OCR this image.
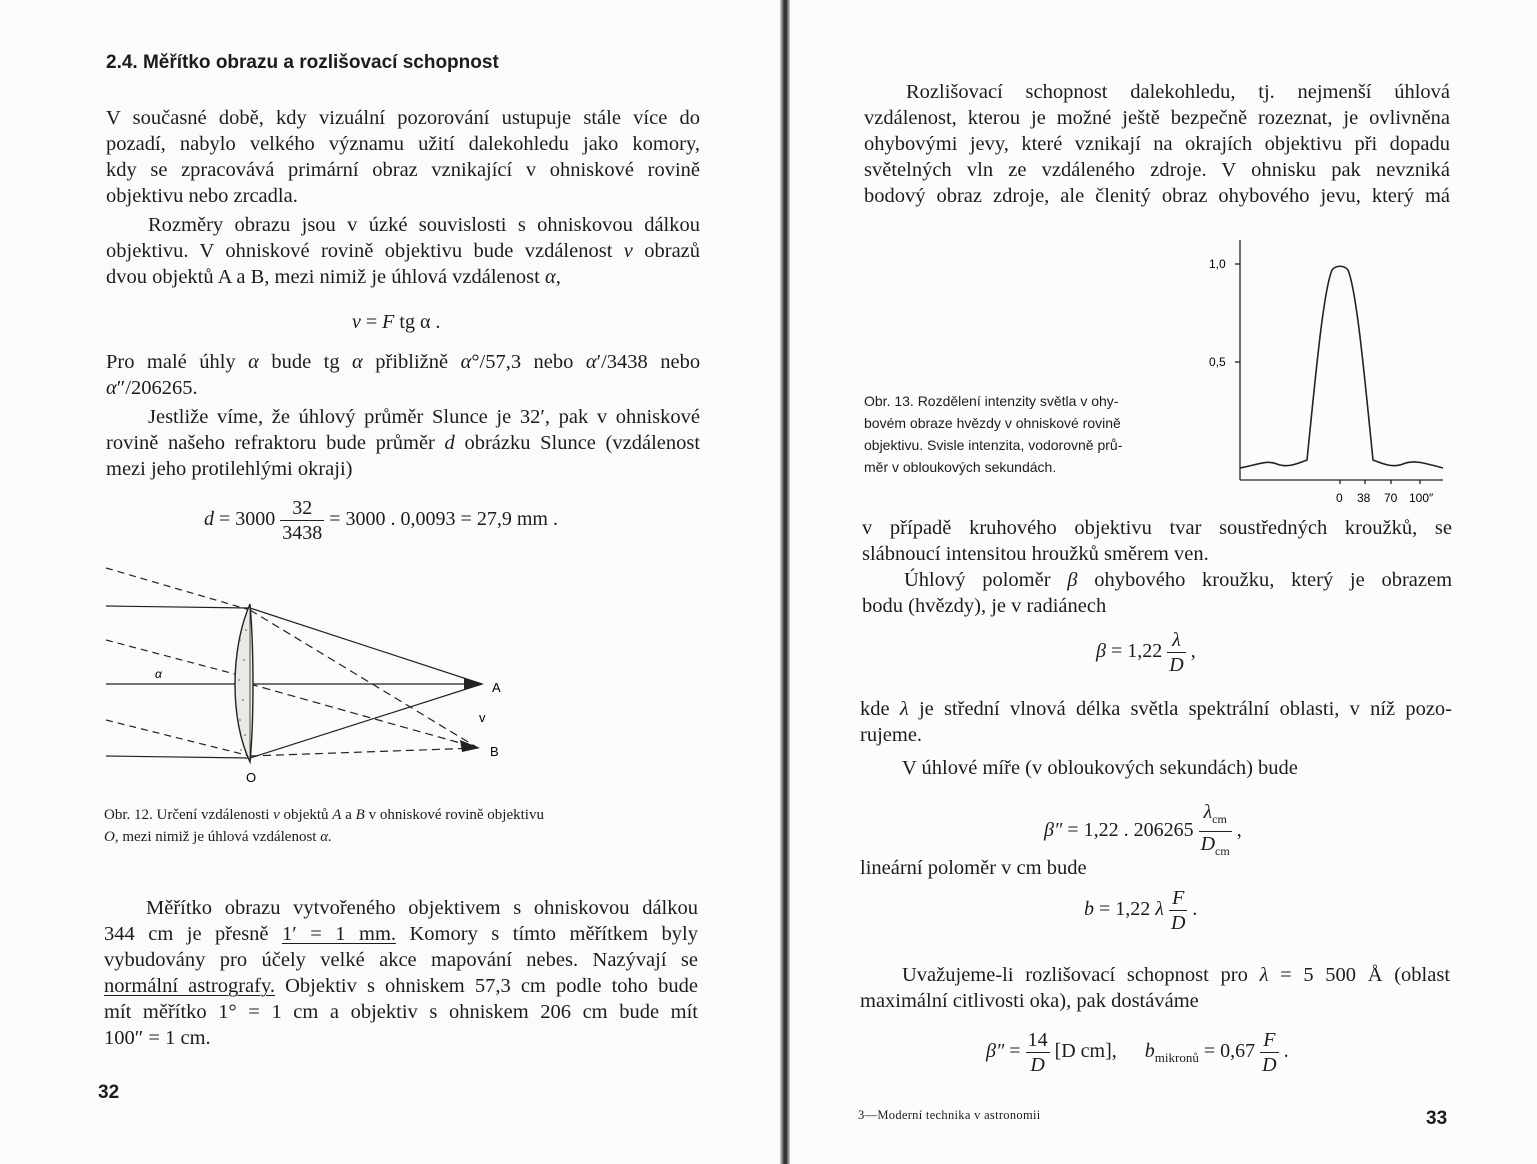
2.4. Měřítko obrazu a rozlišovací schopnost
V současné době, kdy vizuální pozorování ustupuje stále více do
pozadí, nabylo velkého významu užití dalekohledu jako komory,
kdy se zpracovává primární obraz vznikající v ohniskové rovině
objektivu nebo zrcadla.
Rozměry obrazu jsou v úzké souvislosti s ohniskovou dálkou
objektivu. V ohniskové rovině objektivu bude vzdálenost v obrazů
dvou objektů A a B, mezi nimiž je úhlová vzdálenost α,
v = F tg α .
Pro malé úhly α bude tg α přibližně α°/57,3 nebo α′/3438 nebo
α″/206265.
Jestliže víme, že úhlový průměr Slunce je 32′, pak v ohniskové
rovině našeho refraktoru bude průměr d obrázku Slunce (vzdálenost
mezi jeho protilehlými okraji)
$d = 3000 \frac{32}{3438} = 3000$ . 0,0093 = 27,9 mm .
α
A
v
B
O
Obr. 12. Určení vzdálenosti v objektů A a B v ohniskové rovině objektivu
O, mezi nimiž je úhlová vzdálenost α.
Měřítko obrazu vytvořeného objektivem s ohniskovou dálkou
344 cm je přesně 1′ = 1 mm. Komory s tímto měřítkem byly
vybudovány pro účely velké akce mapování nebes. Nazývají se
normální astrografy. Objektiv s ohniskem 57,3 cm podle toho bude
mít měřítko 1° = 1 cm a objektiv s ohniskem 206 cm bude mít
100″ = 1 cm.
32
Rozlišovací schopnost dalekohledu, tj. nejmenší úhlová
vzdálenost, kterou je možné ještě bezpečně rozeznat, je ovlivněna
ohybovými jevy, které vznikají na okrajích objektivu při dopadu
světelných vln ze vzdáleného zdroje. V ohnisku pak nevzniká
bodový obraz zdroje, ale členitý obraz ohybového jevu, který má
Obr. 13. Rozdělení intenzity světla v ohy-
bovém obraze hvězdy v ohniskové rovině
objektivu. Svisle intenzita, vodorovně prů-
měr v obloukových sekundách.
1,0
0,5
0 38 70 100″
v případě kruhového objektivu tvar soustředných kroužků, se
slábnoucí intensitou hroužků směrem ven.
Úhlový poloměr β ohybového kroužku, který je obrazem
bodu (hvězdy), je v radiánech
$\beta = 1,22 \frac{\lambda}{D}$ ,
kde λ je střední vlnová délka světla spektrální oblasti, v níž pozo-
rujeme.
V úhlové míře (v obloukových sekundách) bude
β″ = 1,22 . $206265 \frac{\lambda_{cm}}{D_{cm}}$ ,
lineární poloměr v cm bude
b = 1,22 λ $\frac{F}{D}$ .
Uvažujeme-li rozlišovací schopnost pro λ = 5 500 Å (oblast
maximální citlivosti oka), pak dostáváme
$\beta'' = \frac{14}{D} [D$ cm], $b_{mikronů} = 0,67 \frac{F}{D}$ .
3—Moderní technika v astronomii	33
